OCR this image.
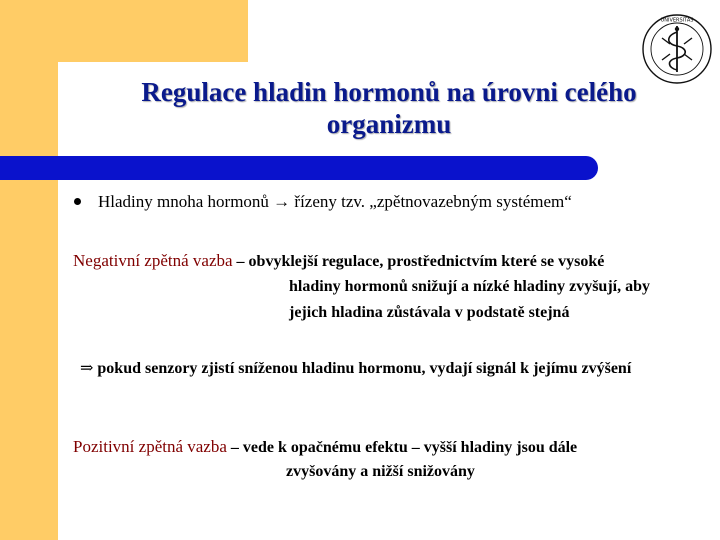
UNIVERSITAS
Regulace hladin hormonů na úrovni celého
organizmu
Hladiny mnoha hormonů → řízeny tzv. „zpětnovazebným systémem“
Negativní zpětná vazba – obvyklejší regulace, prostřednictvím které se vysoké
hladiny hormonů snižují a nízké hladiny zvyšují, aby
jejich hladina zůstávala v podstatě stejná
⇒ pokud senzory zjistí sníženou hladinu hormonu, vydají signál k jejímu zvýšení
Pozitivní zpětná vazba – vede k opačnému efektu – vyšší hladiny jsou dále
zvyšovány a nižší snižovány
